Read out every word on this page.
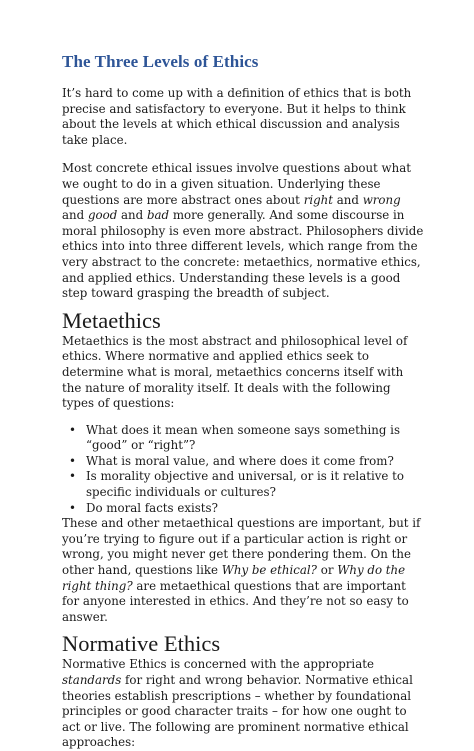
The Three Levels of Ethics

It’s hard to come up with a definition of ethics that is both precise and satisfactory to everyone. But it helps to think about the levels at which ethical discussion and analysis take place.

Most concrete ethical issues involve questions about what we ought to do in a given situation. Underlying these questions are more abstract ones about right and wrong and good and bad more generally. And some discourse in moral philosophy is even more abstract. Philosophers divide ethics into into three different levels, which range from the very abstract to the concrete: metaethics, normative ethics, and applied ethics. Understanding these levels is a good step toward grasping the breadth of subject.

Metaethics

Metaethics is the most abstract and philosophical level of ethics. Where normative and applied ethics seek to determine what is moral, metaethics concerns itself with the nature of morality itself. It deals with the following types of questions:

• What does it mean when someone says something is “good” or “right”?
• What is moral value, and where does it come from?
• Is morality objective and universal, or is it relative to specific individuals or cultures?
• Do moral facts exists?

These and other metaethical questions are important, but if you’re trying to figure out if a particular action is right or wrong, you might never get there pondering them. On the other hand, questions like Why be ethical? or Why do the right thing? are metaethical questions that are important for anyone interested in ethics. And they’re not so easy to answer.

Normative Ethics

Normative Ethics is concerned with the appropriate standards for right and wrong behavior. Normative ethical theories establish prescriptions – whether by foundational principles or good character traits – for how one ought to act or live. The following are prominent normative ethical approaches:
